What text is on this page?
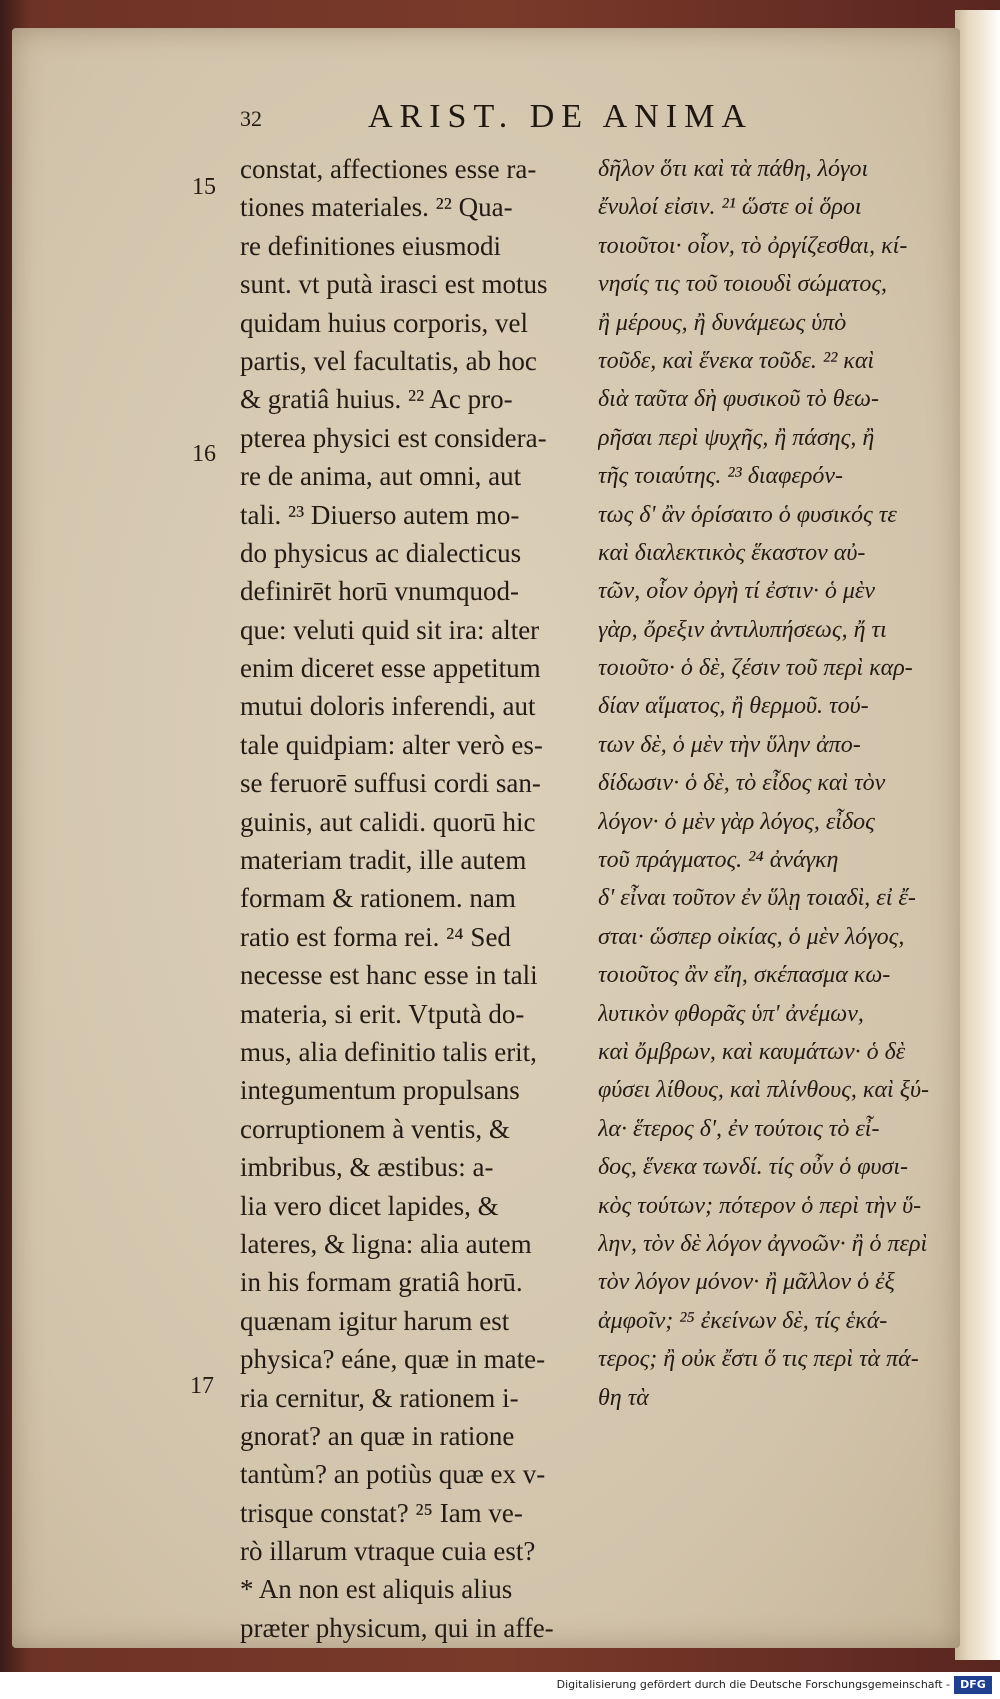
32	ARIST. DE ANIMA
15
16
17
constat, affectiones esse ra-
tiones materiales. ²² Qua-
re definitiones eiusmodi
sunt. vt putà irasci est motus
quidam huius corporis, vel
partis, vel facultatis, ab hoc
& gratiâ huius. ²² Ac pro-
pterea physici est considera-
re de anima, aut omni, aut
tali. ²³ Diuerso autem mo-
do physicus ac dialecticus
definirēt horū vnumquod-
que: veluti quid sit ira: alter
enim diceret esse appetitum
mutui doloris inferendi, aut
tale quidpiam: alter verò es-
se feruorē suffusi cordi san-
guinis, aut calidi. quorū hic
materiam tradit, ille autem
formam & rationem. nam
ratio est forma rei. ²⁴ Sed
necesse est hanc esse in tali
materia, si erit. Vtputà do-
mus, alia definitio talis erit,
integumentum propulsans
corruptionem à ventis, &
imbribus, & æstibus: a-
lia vero dicet lapides, &
lateres, & ligna: alia autem
in his formam gratiâ horū.
quænam igitur harum est
physica? eáne, quæ in mate-
ria cernitur, & rationem i-
gnorat? an quæ in ratione
tantùm? an potiùs quæ ex v-
trisque constat? ²⁵ Iam ve-
rò illarum vtraque cuia est?
* An non est aliquis alius
præter physicum, qui in affe-
δῆλον ὅτι καὶ τὰ πάθη, λόγοι
ἔνυλοί εἰσιν. ²¹ ὥστε οἱ ὅροι
τοιοῦτοι· οἷον, τὸ ὀργίζεσθαι, κί-
νησίς τις τοῦ τοιουδὶ σώματος,
ἢ μέρους, ἢ δυνάμεως ὑπὸ
τοῦδε, καὶ ἕνεκα τοῦδε. ²² καὶ
διὰ ταῦτα δὴ φυσικοῦ τὸ θεω-
ρῆσαι περὶ ψυχῆς, ἢ πάσης, ἢ
τῆς τοιαύτης. ²³ διαφερόν-
τως δ' ἂν ὁρίσαιτο ὁ φυσικός τε
καὶ διαλεκτικὸς ἕκαστον αὐ-
τῶν, οἷον ὀργὴ τί ἐστιν· ὁ μὲν
γὰρ, ὄρεξιν ἀντιλυπήσεως, ἤ τι
τοιοῦτο· ὁ δὲ, ζέσιν τοῦ περὶ καρ-
δίαν αἵματος, ἢ θερμοῦ. τού-
των δὲ, ὁ μὲν τὴν ὕλην ἀπο-
δίδωσιν· ὁ δὲ, τὸ εἶδος καὶ τὸν
λόγον· ὁ μὲν γὰρ λόγος, εἶδος
τοῦ πράγματος. ²⁴ ἀνάγκη
δ' εἶναι τοῦτον ἐν ὕλῃ τοιαδὶ, εἰ ἔ-
σται· ὥσπερ οἰκίας, ὁ μὲν λόγος,
τοιοῦτος ἂν εἴη, σκέπασμα κω-
λυτικὸν φθορᾶς ὑπ' ἀνέμων,
καὶ ὄμβρων, καὶ καυμάτων· ὁ δὲ
φύσει λίθους, καὶ πλίνθους, καὶ ξύ-
λα· ἕτερος δ', ἐν τούτοις τὸ εἶ-
δος, ἕνεκα τωνδί. τίς οὖν ὁ φυσι-
κὸς τούτων; πότερον ὁ περὶ τὴν ὕ-
λην, τὸν δὲ λόγον ἀγνοῶν· ἢ ὁ περὶ
τὸν λόγον μόνον· ἢ μᾶλλον ὁ ἐξ
ἀμφοῖν; ²⁵ ἐκείνων δὲ, τίς ἑκά-
τερος; ἢ οὐκ ἔστι ὅ τις περὶ τὰ πά-
θη τὰ
Digitalisierung gefördert durch die Deutsche Forschungsgemeinschaft - DFG
